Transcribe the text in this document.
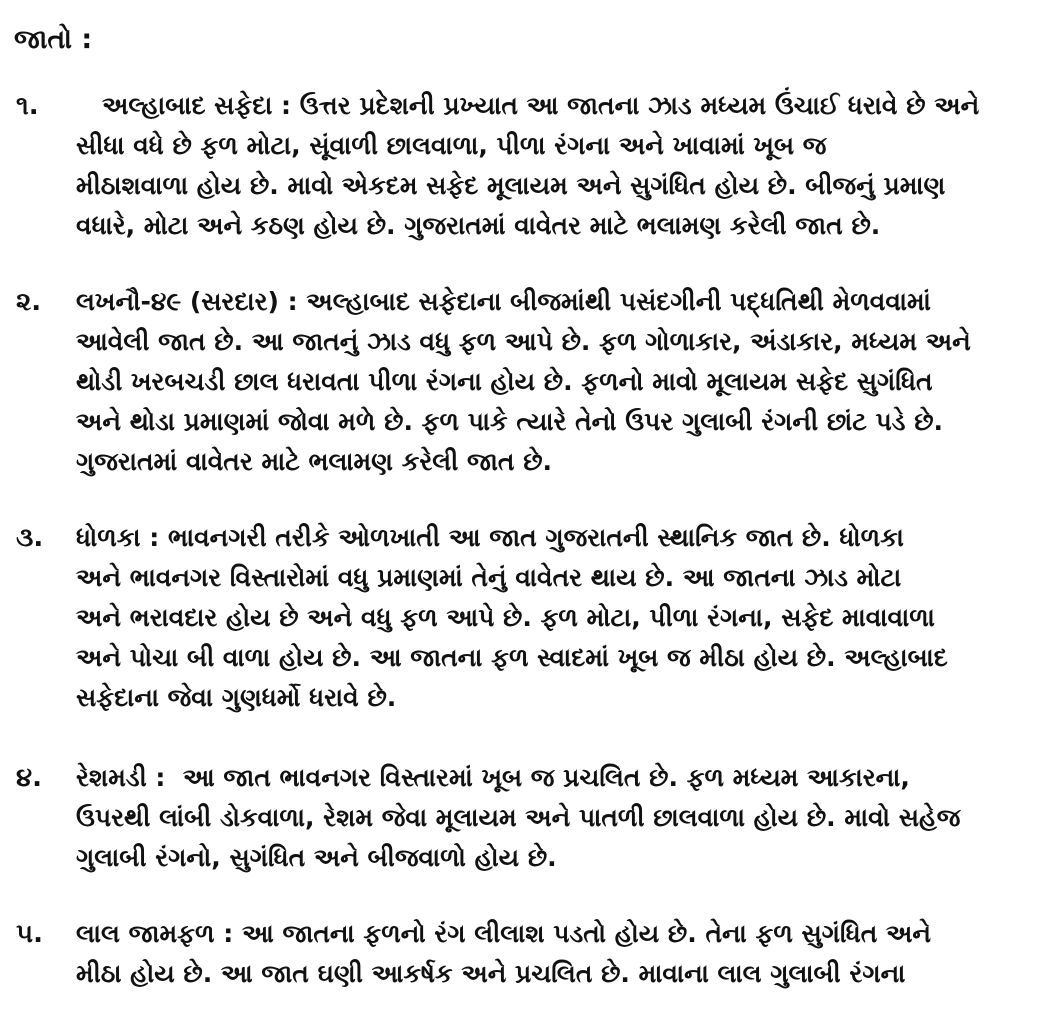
જાતો :
૧.	અલ્હાબાદ સફેદા : ઉત્તર પ્રદેશની પ્રખ્યાત આ જાતના ઝાડ મધ્યમ ઉંચાઈ ધરાવે છે અને
સીધા વધે છે ફળ મોટા, સૂંવાળી છાલવાળા, પીળા રંગના અને ખાવામાં ખૂબ જ
મીઠાશવાળા હોય છે. માવો એકદમ સફેદ મૂલાયમ અને સુગંધિત હોય છે. બીજનું પ્રમાણ
વધારે, મોટા અને કઠણ હોય છે. ગુજરાતમાં વાવેતર માટે ભલામણ કરેલી જાત છે.
૨. લખનૌ-૪૯ (સરદાર) : અલ્હાબાદ સફેદાના બીજમાંથી પસંદગીની પદ્ધતિથી મેળવવામાં
આવેલી જાત છે. આ જાતનું ઝાડ વધુ ફળ આપે છે. ફળ ગોળાકાર, અંડાકાર, મધ્યમ અને
થોડી ખરબચડી છાલ ધરાવતા પીળા રંગના હોય છે. ફળનો માવો મૂલાયમ સફેદ સુગંધિત
અને થોડા પ્રમાણમાં જોવા મળે છે. ફળ પાકે ત્યારે તેનો ઉપર ગુલાબી રંગની છાંટ પડે છે.
ગુજરાતમાં વાવેતર માટે ભલામણ કરેલી જાત છે.
૩. ધોળકા : ભાવનગરી તરીકે ઓળખાતી આ જાત ગુજરાતની સ્થાનિક જાત છે. ધોળકા
અને ભાવનગર વિસ્તારોમાં વધુ પ્રમાણમાં તેનું વાવેતર થાય છે. આ જાતના ઝાડ મોટા
અને ભરાવદાર હોય છે અને વધુ ફળ આપે છે. ફળ મોટા, પીળા રંગના, સફેદ માવાવાળા
અને પોચા બી વાળા હોય છે. આ જાતના ફળ સ્વાદમાં ખૂબ જ મીઠા હોય છે. અલ્હાબાદ
સફેદાના જેવા ગુણધર્મો ધરાવે છે.
૪. રેશમડી : આ જાત ભાવનગર વિસ્તારમાં ખૂબ જ પ્રચલિત છે. ફળ મધ્યમ આકારના,
ઉપરથી લાંબી ડોકવાળા, રેશમ જેવા મૂલાયમ અને પાતળી છાલવાળા હોય છે. માવો સહેજ
ગુલાબી રંગનો, સુગંધિત અને બીજવાળો હોય છે.
૫. લાલ જામફળ : આ જાતના ફળનો રંગ લીલાશ પડતો હોય છે. તેના ફળ સુગંધિત અને
મીઠા હોય છે. આ જાત ઘણી આકર્ષક અને પ્રચલિત છે. માવાના લાલ ગુલાબી રંગના
